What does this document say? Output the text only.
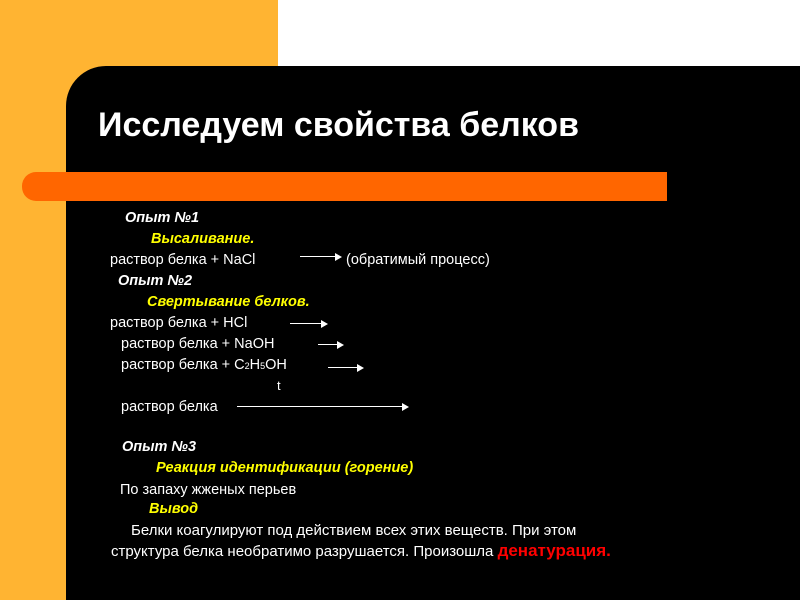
Исследуем свойства белков
Опыт №1
Высаливание.
раствор белка + NaCl	(обратимый процесс)
Опыт №2
Свертывание белков.
раствор белка + HCl
раствор белка + NaOH
раствор белка + C2H5OH
t
раствор белка
Опыт №3
Реакция идентификации (горение)
По запаху жженых перьев
Вывод
Белки коагулируют под действием всех этих веществ. При этом
структура белка необратимо разрушается. Произошла денатурация.
